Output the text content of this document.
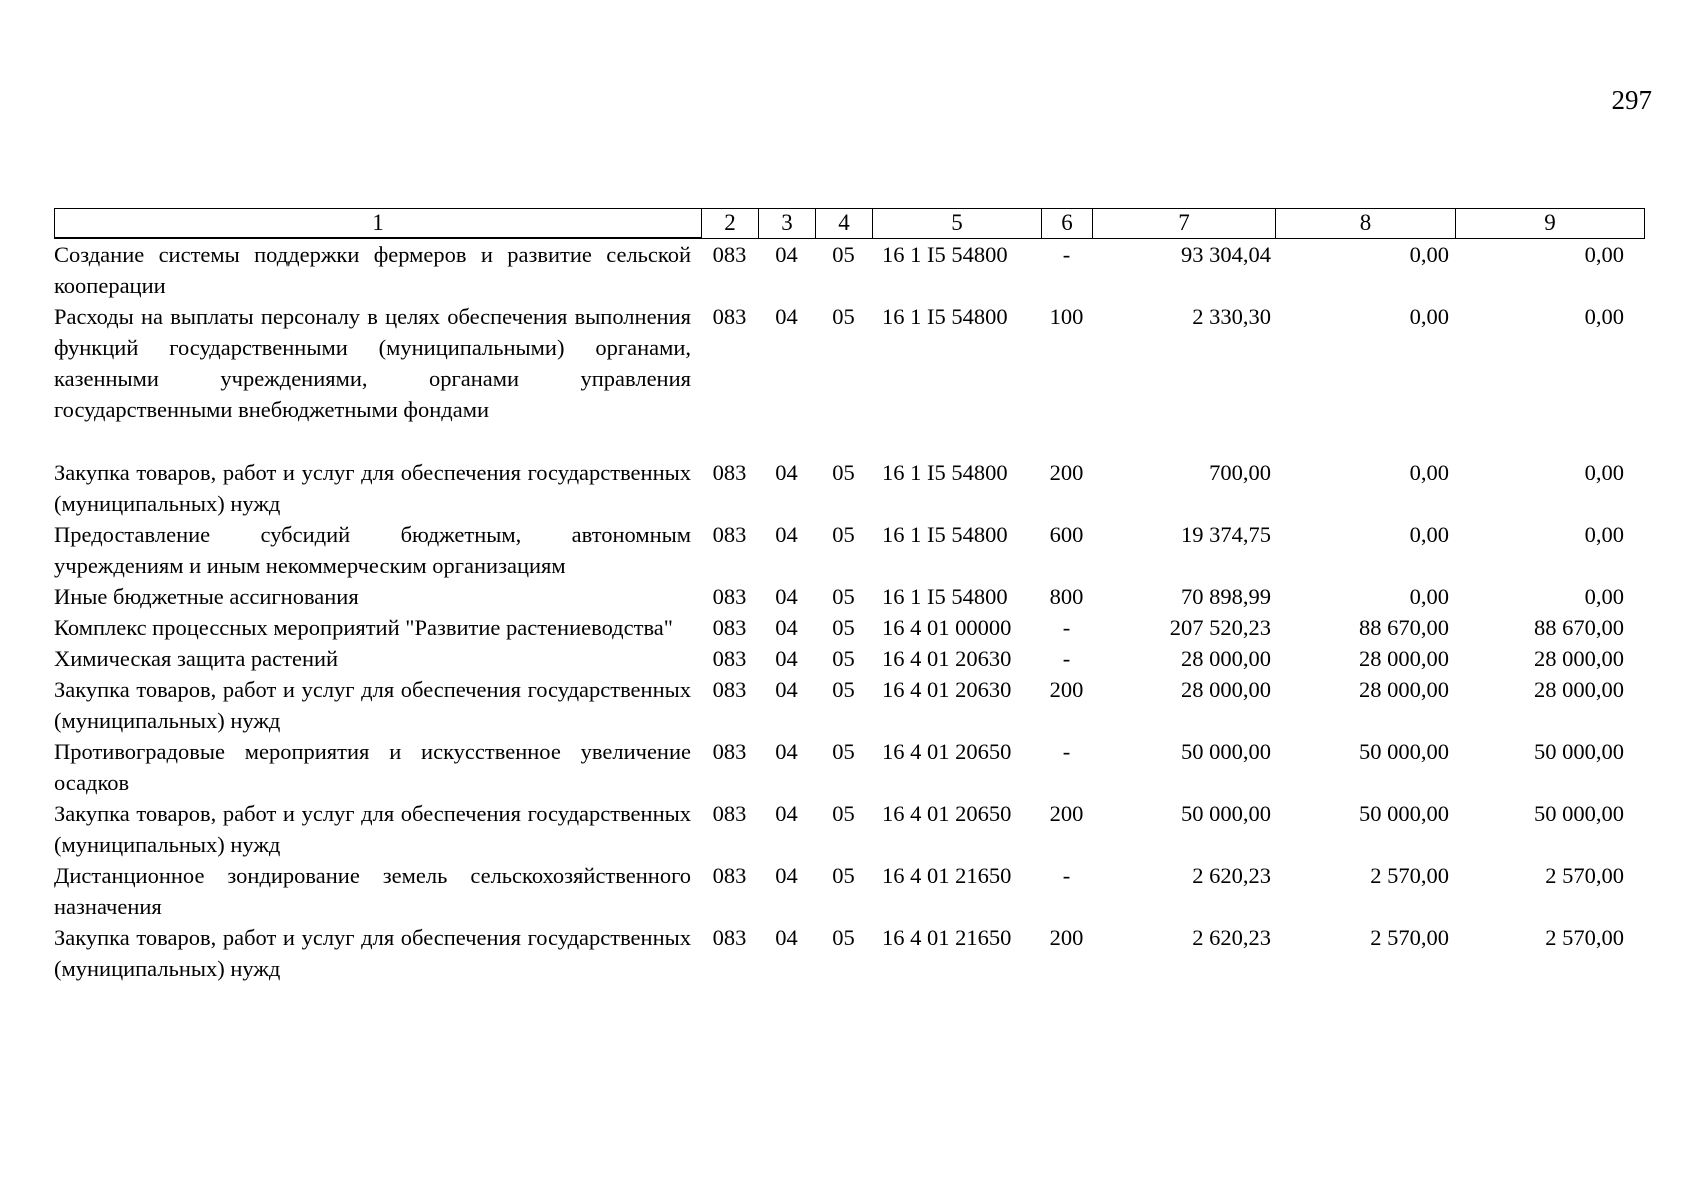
297
1	2	3	4	5	6	7	8	9
Создание системы поддержки фермеров и развитие сельской кооперации	083	04	05	16 1 I5 54800	-	93 304,04	0,00	0,00
Расходы на выплаты персоналу в целях обеспечения выполнения функций государственными (муниципальными) органами, казенными учреждениями, органами управления государственными внебюджетными фондами	083	04	05	16 1 I5 54800	100	2 330,30	0,00	0,00

Закупка товаров, работ и услуг для обеспечения государственных (муниципальных) нужд	083	04	05	16 1 I5 54800	200	700,00	0,00	0,00
Предоставление субсидий бюджетным, автономным учреждениям и иным некоммерческим организациям	083	04	05	16 1 I5 54800	600	19 374,75	0,00	0,00
Иные бюджетные ассигнования	083	04	05	16 1 I5 54800	800	70 898,99	0,00	0,00
Комплекс процессных мероприятий "Развитие растениеводства"	083	04	05	16 4 01 00000	-	207 520,23	88 670,00	88 670,00
Химическая защита растений	083	04	05	16 4 01 20630	-	28 000,00	28 000,00	28 000,00
Закупка товаров, работ и услуг для обеспечения государственных (муниципальных) нужд	083	04	05	16 4 01 20630	200	28 000,00	28 000,00	28 000,00
Противоградовые мероприятия и искусственное увеличение осадков	083	04	05	16 4 01 20650	-	50 000,00	50 000,00	50 000,00
Закупка товаров, работ и услуг для обеспечения государственных (муниципальных) нужд	083	04	05	16 4 01 20650	200	50 000,00	50 000,00	50 000,00
Дистанционное зондирование земель сельскохозяйственного назначения	083	04	05	16 4 01 21650	-	2 620,23	2 570,00	2 570,00
Закупка товаров, работ и услуг для обеспечения государственных (муниципальных) нужд	083	04	05	16 4 01 21650	200	2 620,23	2 570,00	2 570,00
